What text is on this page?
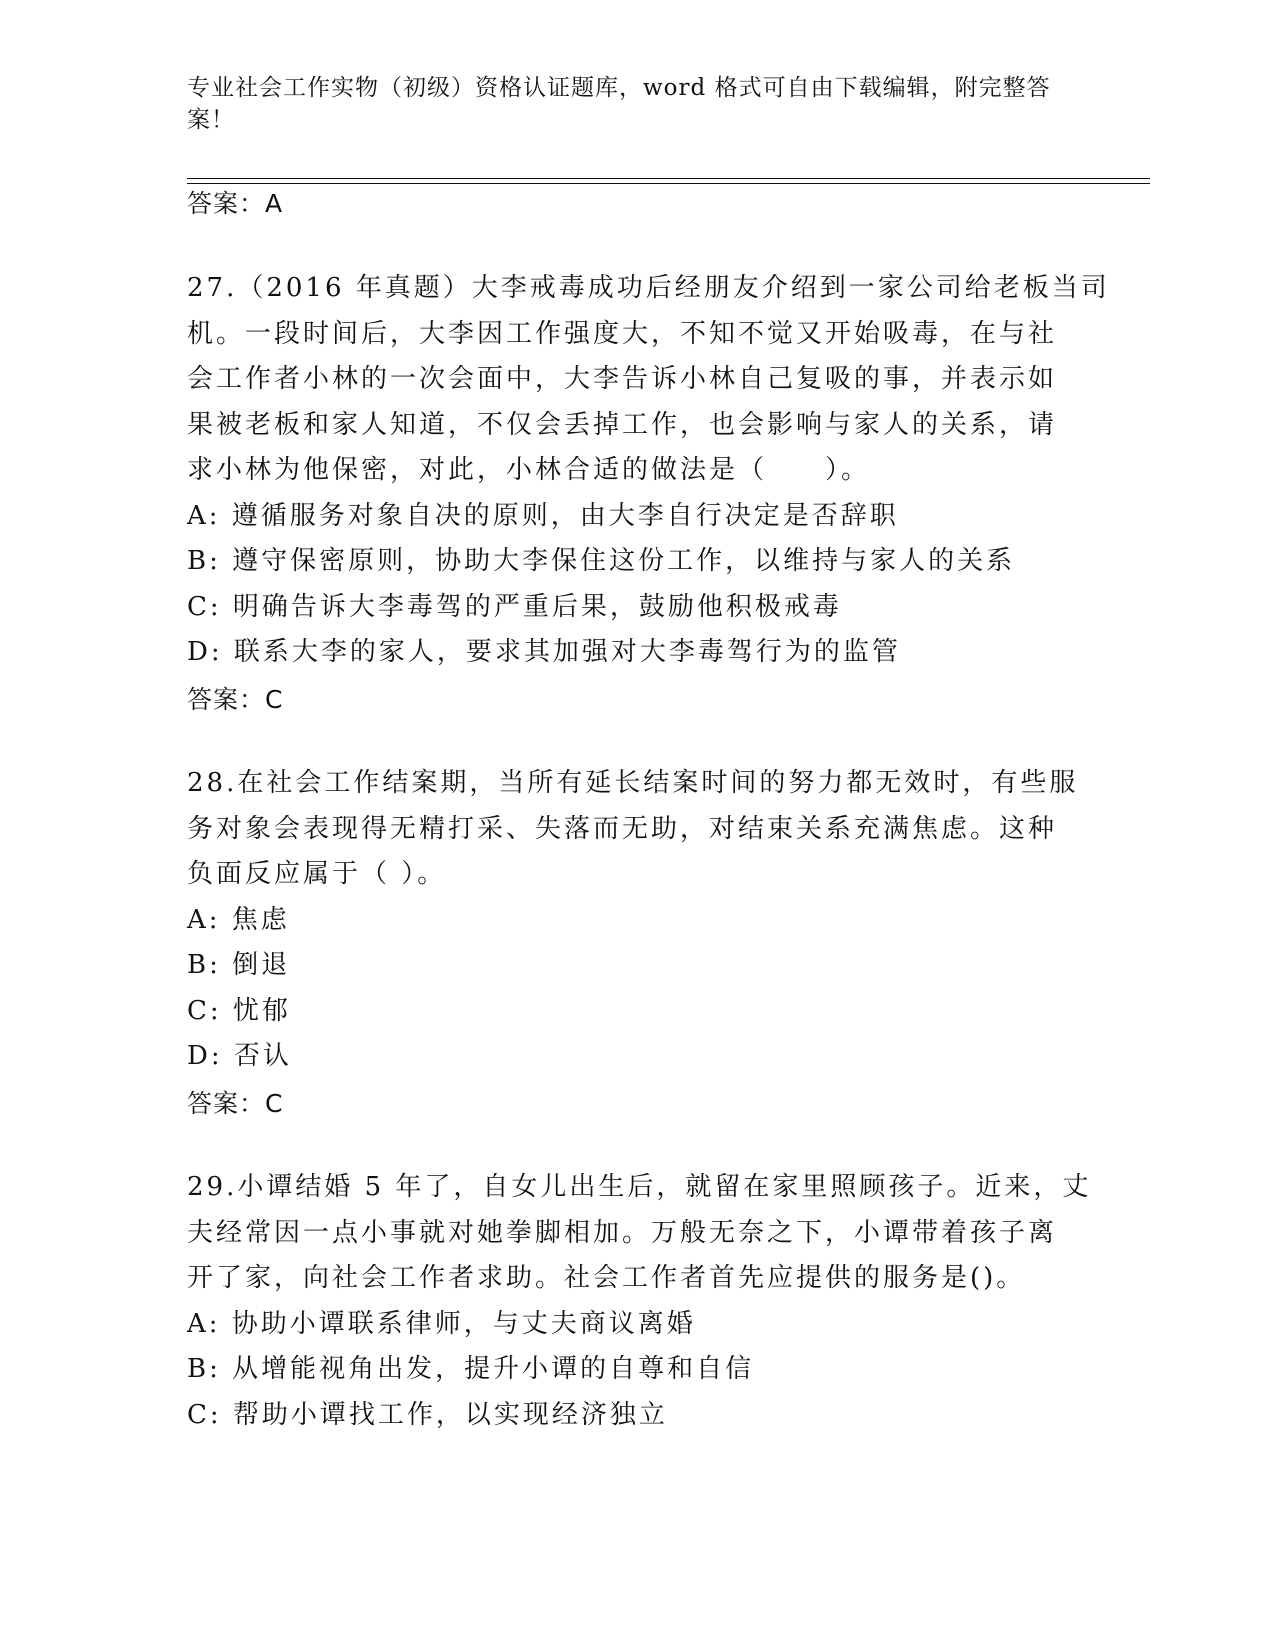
专业社会工作实物（初级）资格认证题库，word 格式可自由下载编辑，附完整答
案！
答案：A

27.（2016 年真题）大李戒毒成功后经朋友介绍到一家公司给老板当司
机。一段时间后，大李因工作强度大，不知不觉又开始吸毒，在与社
会工作者小林的一次会面中，大李告诉小林自己复吸的事，并表示如
果被老板和家人知道，不仅会丢掉工作，也会影响与家人的关系，请
求小林为他保密，对此，小林合适的做法是（　　）。

A: 遵循服务对象自决的原则，由大李自行决定是否辞职
B: 遵守保密原则，协助大李保住这份工作，以维持与家人的关系
C: 明确告诉大李毒驾的严重后果，鼓励他积极戒毒
D: 联系大李的家人，要求其加强对大李毒驾行为的监管
答案：C

28.在社会工作结案期，当所有延长结案时间的努力都无效时，有些服
务对象会表现得无精打采、失落而无助，对结束关系充满焦虑。这种
负面反应属于（ ）。

A: 焦虑
B: 倒退
C: 忧郁
D: 否认
答案：C

29.小谭结婚 5 年了，自女儿出生后，就留在家里照顾孩子。近来，丈
夫经常因一点小事就对她拳脚相加。万般无奈之下，小谭带着孩子离
开了家，向社会工作者求助。社会工作者首先应提供的服务是()。

A: 协助小谭联系律师，与丈夫商议离婚
B: 从增能视角出发，提升小谭的自尊和自信
C: 帮助小谭找工作，以实现经济独立
